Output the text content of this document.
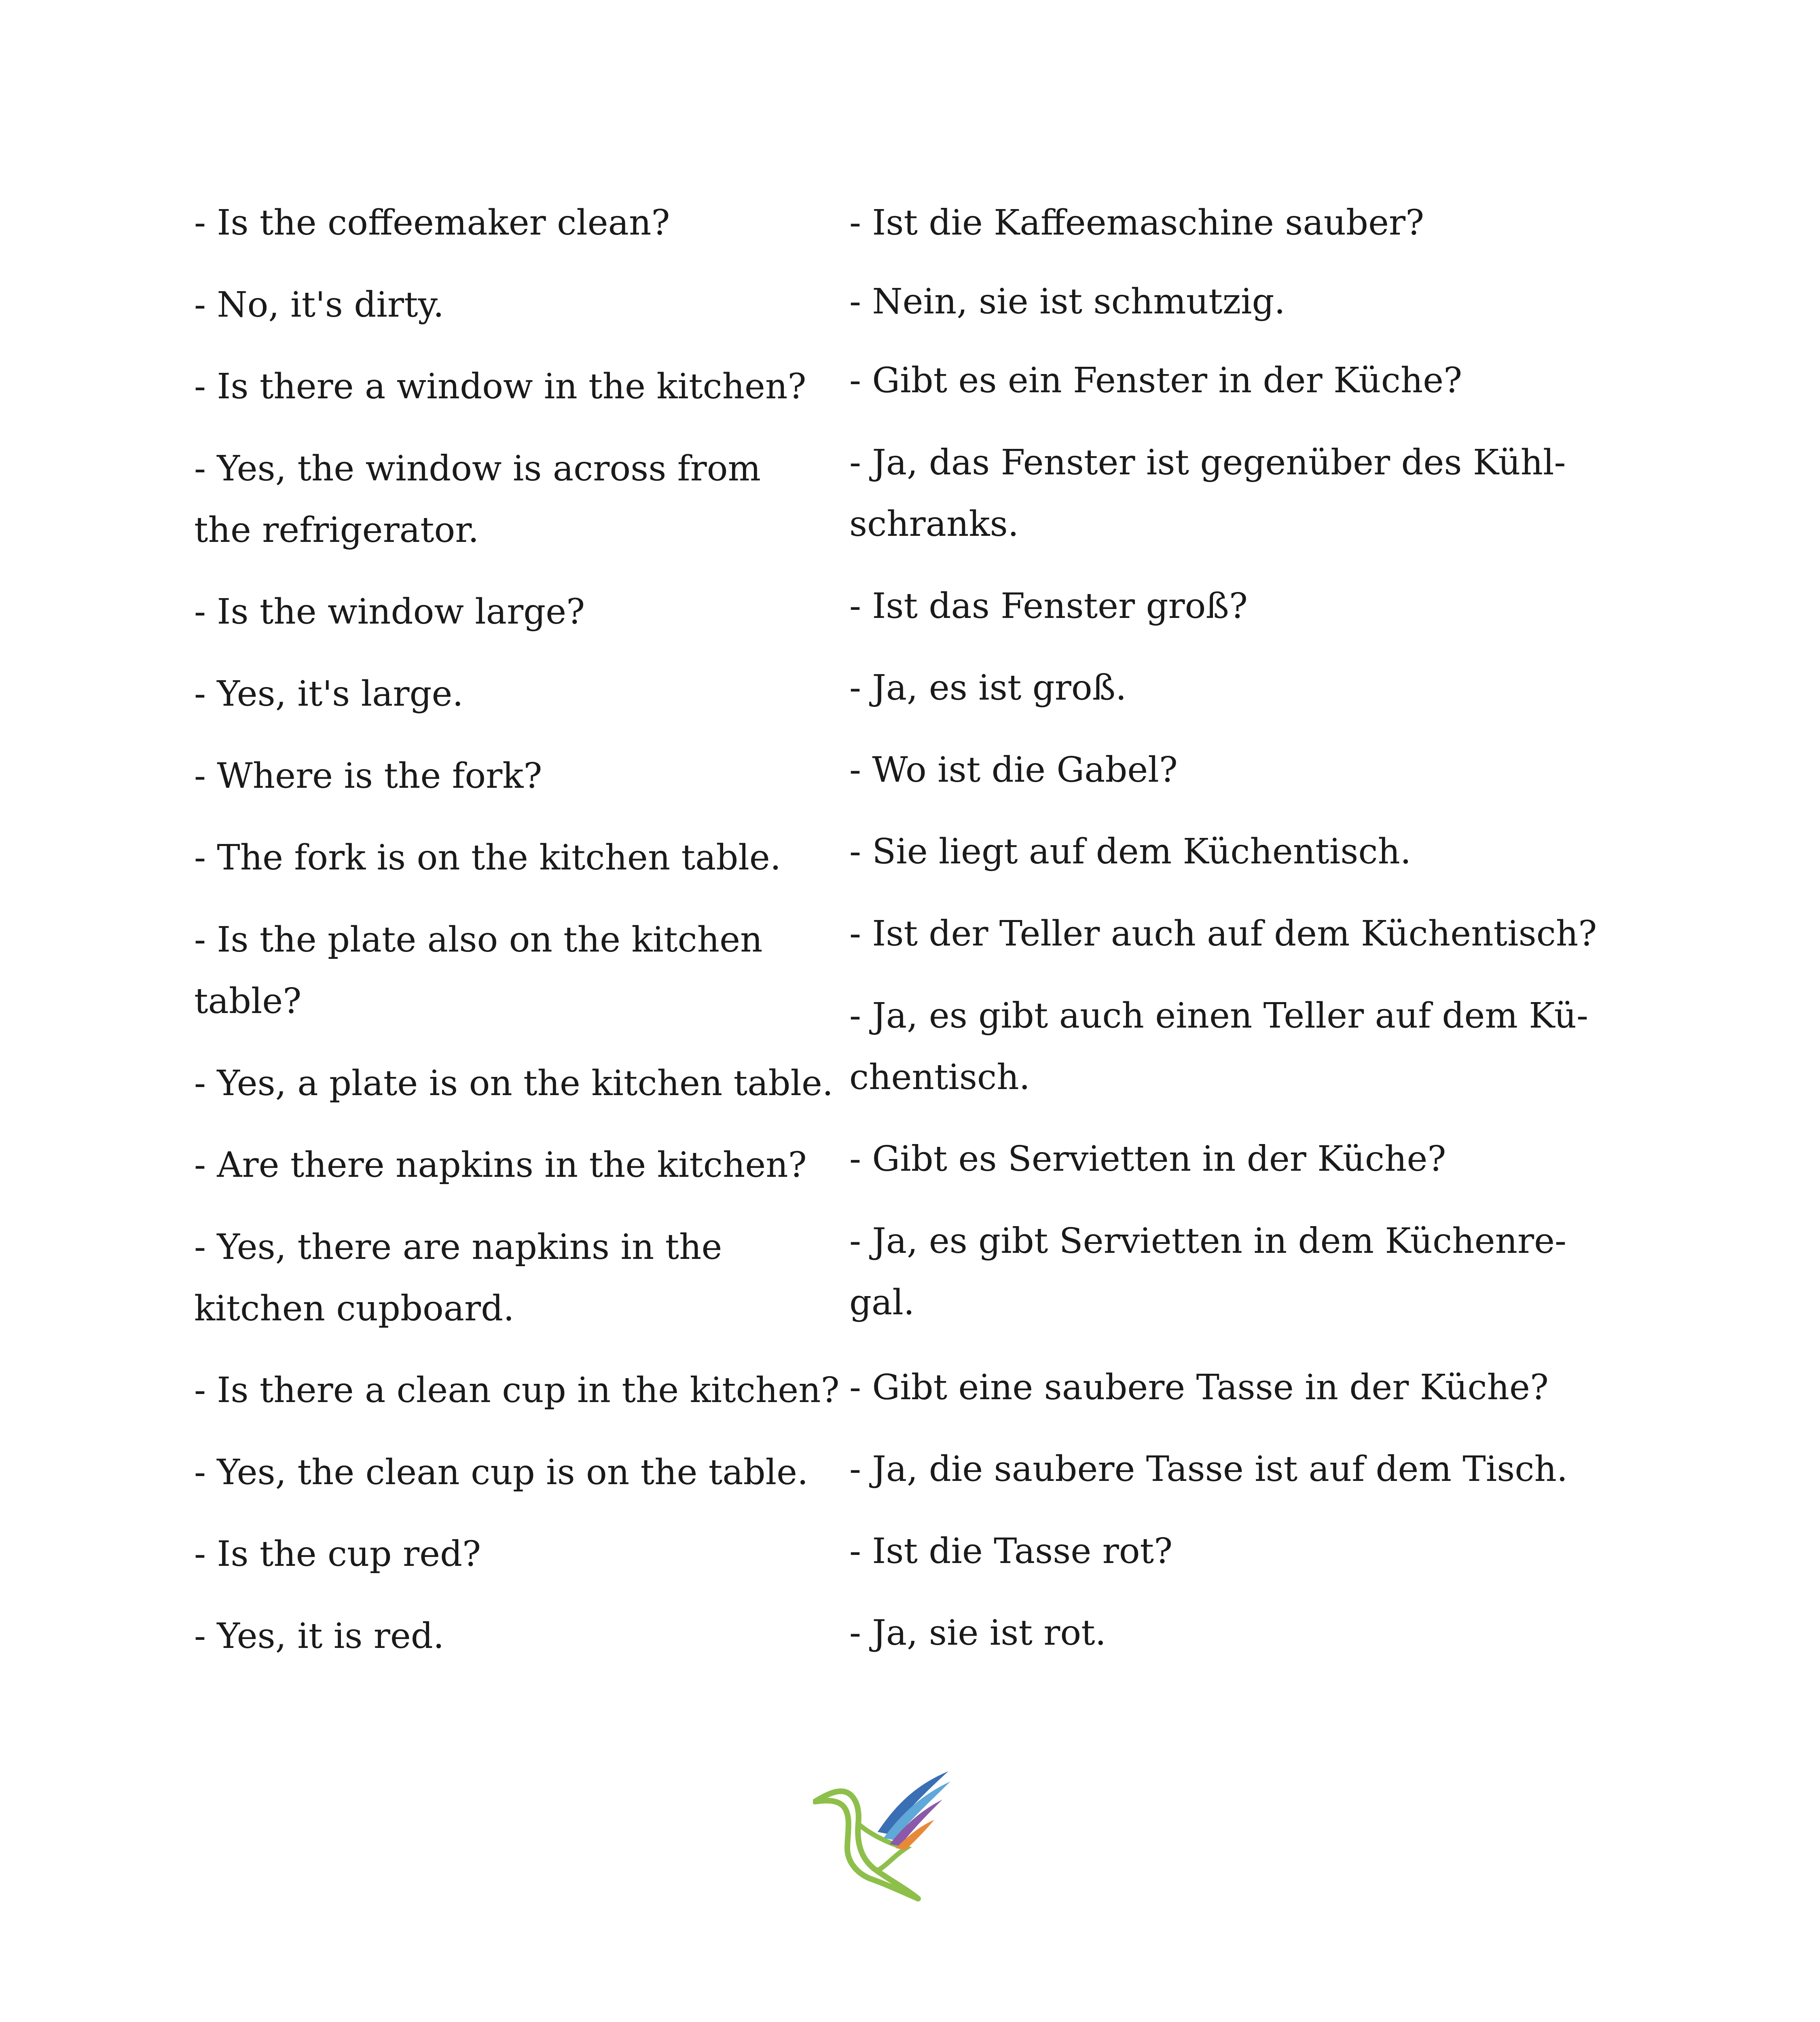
- Is the coffeemaker clean?
- No, it's dirty.
- Is there a window in the kitchen?
- Yes, the window is across from
the refrigerator.
- Is the window large?
- Yes, it's large.
- Where is the fork?
- The fork is on the kitchen table.
- Is the plate also on the kitchen
table?
- Yes, a plate is on the kitchen table.
- Are there napkins in the kitchen?
- Yes, there are napkins in the
kitchen cupboard.
- Is there a clean cup in the kitchen?
- Yes, the clean cup is on the table.
- Is the cup red?
- Yes, it is red.
- Ist die Kaffeemaschine sauber?
- Nein, sie ist schmutzig.
- Gibt es ein Fenster in der Küche?
- Ja, das Fenster ist gegenüber des Kühl-
schranks.
- Ist das Fenster groß?
- Ja, es ist groß.
- Wo ist die Gabel?
- Sie liegt auf dem Küchentisch.
- Ist der Teller auch auf dem Küchentisch?
- Ja, es gibt auch einen Teller auf dem Kü-
chentisch.
- Gibt es Servietten in der Küche?
- Ja, es gibt Servietten in dem Küchenre-
gal.
- Gibt eine saubere Tasse in der Küche?
- Ja, die saubere Tasse ist auf dem Tisch.
- Ist die Tasse rot?
- Ja, sie ist rot.
